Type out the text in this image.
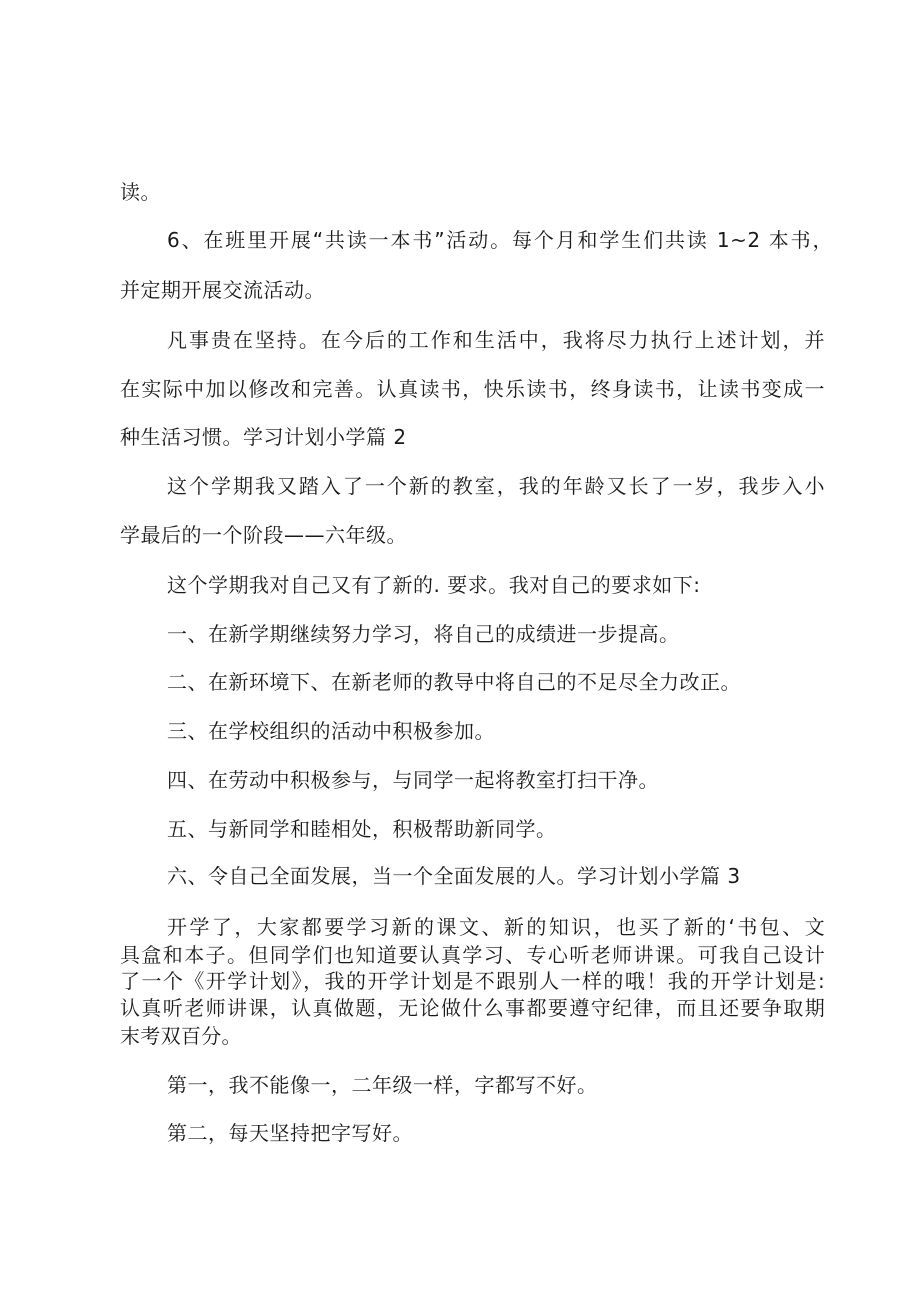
读。
6、在班里开展“共读一本书”活动。每个月和学生们共读 1~2 本书，
并定期开展交流活动。
凡事贵在坚持。在今后的工作和生活中，我将尽力执行上述计划，并
在实际中加以修改和完善。认真读书，快乐读书，终身读书，让读书变成一
种生活习惯。学习计划小学篇 2
这个学期我又踏入了一个新的教室，我的年龄又长了一岁，我步入小
学最后的一个阶段——六年级。
这个学期我对自己又有了新的. 要求。我对自己的要求如下:
一、在新学期继续努力学习，将自己的成绩进一步提高。
二、在新环境下、在新老师的教导中将自己的不足尽全力改正。
三、在学校组织的活动中积极参加。
四、在劳动中积极参与，与同学一起将教室打扫干净。
五、与新同学和睦相处，积极帮助新同学。
六、令自己全面发展，当一个全面发展的人。学习计划小学篇 3
开学了，大家都要学习新的课文、新的知识，也买了新的‘书包、文
具盒和本子。但同学们也知道要认真学习、专心听老师讲课。可我自己设计
了一个《开学计划》，我的开学计划是不跟别人一样的哦！我的开学计划是:
认真听老师讲课，认真做题，无论做什么事都要遵守纪律，而且还要争取期
末考双百分。
第一，我不能像一，二年级一样，字都写不好。
第二，每天坚持把字写好。
